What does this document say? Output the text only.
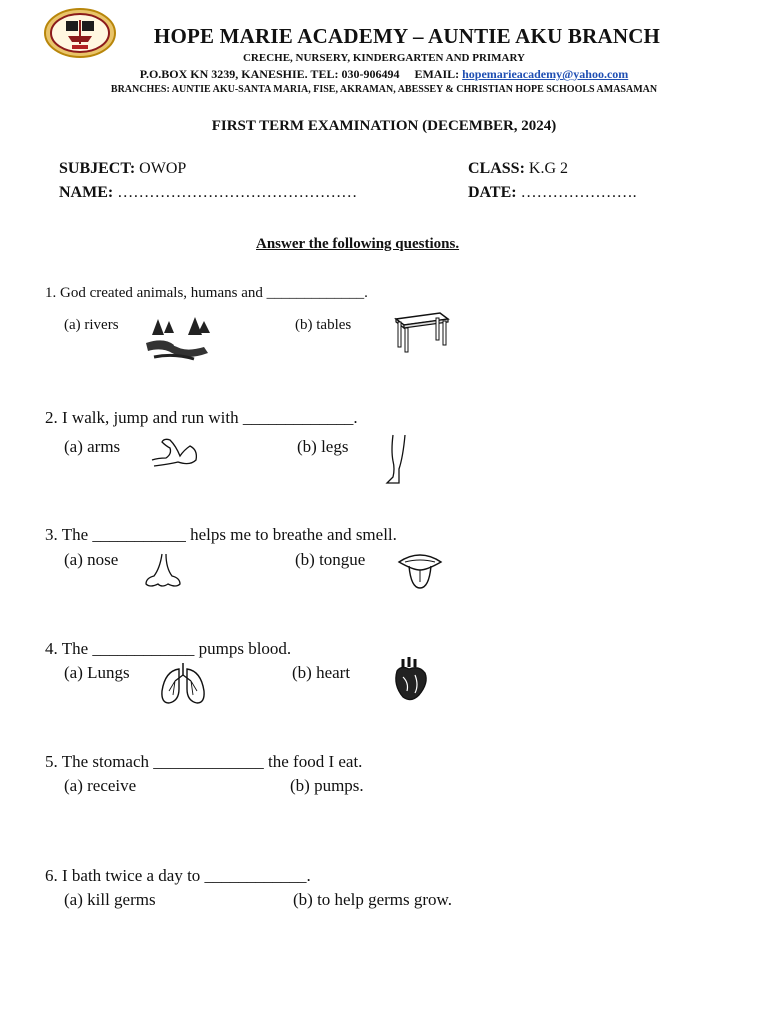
HOPE MARIE ACADEMY – AUNTIE AKU BRANCH
CRECHE, NURSERY, KINDERGARTEN AND PRIMARY
P.O.BOX KN 3239, KANESHIE. TEL: 030-906494 EMAIL: hopemarieacademy@yahoo.com
BRANCHES: AUNTIE AKU-SANTA MARIA, FISE, AKRAMAN, ABESSEY & CHRISTIAN HOPE SCHOOLS AMASAMAN
FIRST TERM EXAMINATION (DECEMBER, 2024)
SUBJECT: OWOP	CLASS: K.G 2
NAME: ………………………………………	DATE: ………………….
Answer the following questions.
1. God created animals, humans and _____________.
(a) rivers	(b) tables
2. I walk, jump and run with _____________.
(a) arms	(b) legs
3. The ___________ helps me to breathe and smell.
(a) nose	(b) tongue
4. The ____________ pumps blood.
(a) Lungs	(b) heart
5. The stomach _____________ the food I eat.
(a) receive	(b) pumps.
6. I bath twice a day to ____________.
(a) kill germs	(b) to help germs grow.
